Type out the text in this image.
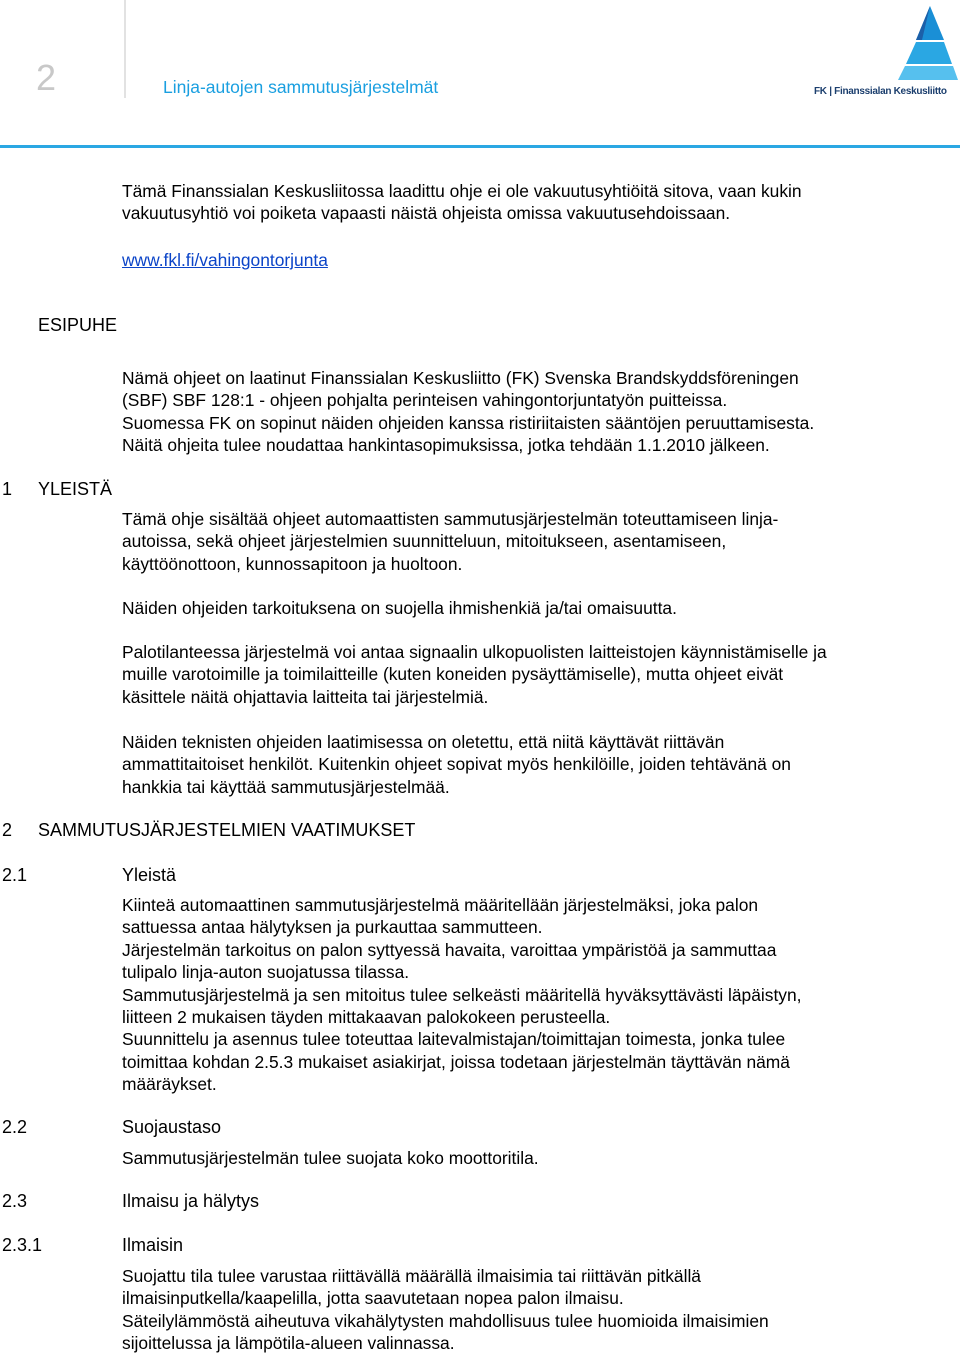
2	Linja-autojen sammutusjärjestelmät	FK | Finanssialan Keskusliitto

Tämä Finanssialan Keskusliitossa laadittu ohje ei ole vakuutusyhtiöitä sitova, vaan kukin
vakuutusyhtiö voi poiketa vapaasti näistä ohjeista omissa vakuutusehdoissaan.

www.fkl.fi/vahingontorjunta
ESIPUHE

Nämä ohjeet on laatinut Finanssialan Keskusliitto (FK) Svenska Brandskyddsföreningen
(SBF) SBF 128:1 - ohjeen pohjalta perinteisen vahingontorjuntatyön puitteissa.
Suomessa FK on sopinut näiden ohjeiden kanssa ristiriitaisten sääntöjen peruuttamisesta.
Näitä ohjeita tulee noudattaa hankintasopimuksissa, jotka tehdään 1.1.2010 jälkeen.

1 YLEISTÄ

Tämä ohje sisältää ohjeet automaattisten sammutusjärjestelmän toteuttamiseen linja-
autoissa, sekä ohjeet järjestelmien suunnitteluun, mitoitukseen, asentamiseen,
käyttöönottoon, kunnossapitoon ja huoltoon.

Näiden ohjeiden tarkoituksena on suojella ihmishenkiä ja/tai omaisuutta.

Palotilanteessa järjestelmä voi antaa signaalin ulkopuolisten laitteistojen käynnistämiselle ja
muille varotoimille ja toimilaitteille (kuten koneiden pysäyttämiselle), mutta ohjeet eivät
käsittele näitä ohjattavia laitteita tai järjestelmiä.

Näiden teknisten ohjeiden laatimisessa on oletettu, että niitä käyttävät riittävän
ammattitaitoiset henkilöt. Kuitenkin ohjeet sopivat myös henkilöille, joiden tehtävänä on
hankkia tai käyttää sammutusjärjestelmää.

2 SAMMUTUSJÄRJESTELMIEN VAATIMUKSET
2.1	Yleistä

Kiinteä automaattinen sammutusjärjestelmä määritellään järjestelmäksi, joka palon
sattuessa antaa hälytyksen ja purkauttaa sammutteen.
Järjestelmän tarkoitus on palon syttyessä havaita, varoittaa ympäristöä ja sammuttaa
tulipalo linja-auton suojatussa tilassa.
Sammutusjärjestelmä ja sen mitoitus tulee selkeästi määritellä hyväksyttävästi läpäistyn,
liitteen 2 mukaisen täyden mittakaavan palokokeen perusteella.
Suunnittelu ja asennus tulee toteuttaa laitevalmistajan/toimittajan toimesta, jonka tulee
toimittaa kohdan 2.5.3 mukaiset asiakirjat, joissa todetaan järjestelmän täyttävän nämä
määräykset.

2.2	Suojaustaso

Sammutusjärjestelmän tulee suojata koko moottoritila.

2.3	Ilmaisu ja hälytys
2.3.1	Ilmaisin

Suojattu tila tulee varustaa riittävällä määrällä ilmaisimia tai riittävän pitkällä
ilmaisinputkella/kaapelilla, jotta saavutetaan nopea palon ilmaisu.
Säteilylämmöstä aiheutuva vikahälytysten mahdollisuus tulee huomioida ilmaisimien
sijoittelussa ja lämpötila-alueen valinnassa.
